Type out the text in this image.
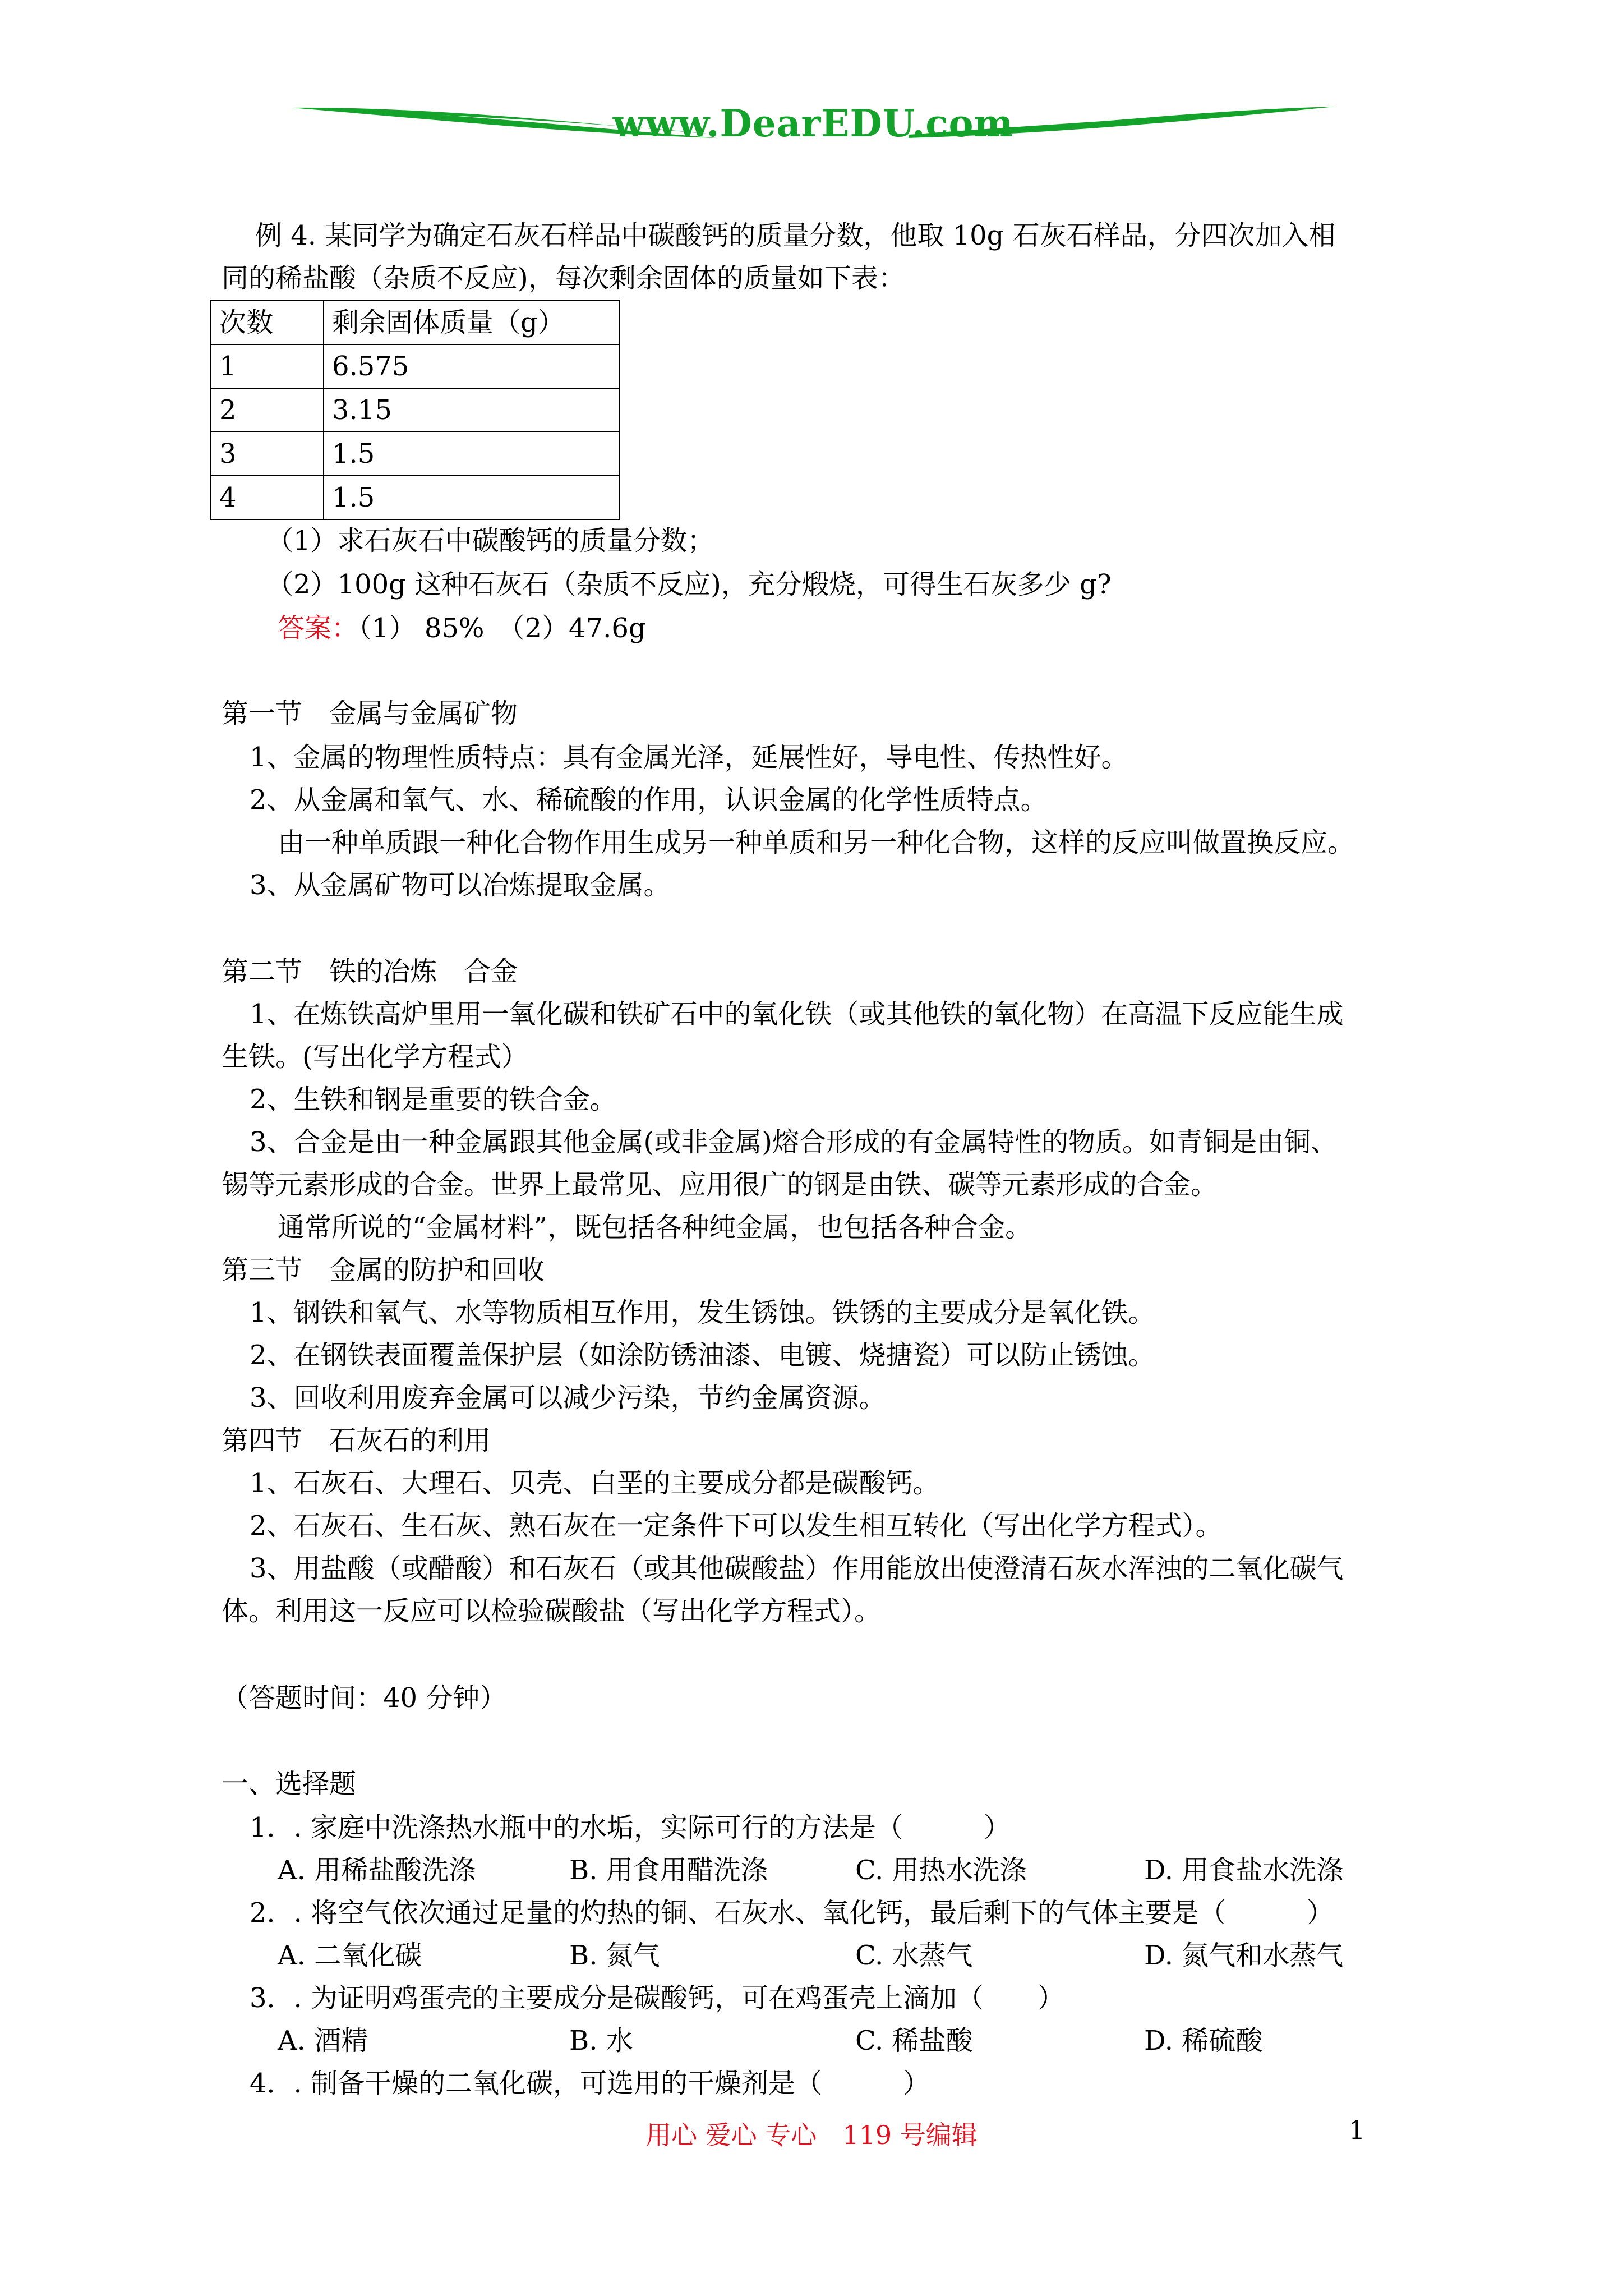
www.DearEDU.com
例 4. 某同学为确定石灰石样品中碳酸钙的质量分数，他取 10g 石灰石样品，分四次加入相
同的稀盐酸（杂质不反应)，每次剩余固体的质量如下表：
次数	剩余固体质量（g）
1	6.575
2	3.15
3	1.5
4	1.5
（1）求石灰石中碳酸钙的质量分数；
（2）100g 这种石灰石（杂质不反应)，充分煅烧，可得生石灰多少 g?
答案：（1） 85%　（2）47.6g
第一节　金属与金属矿物
1、金属的物理性质特点：具有金属光泽，延展性好，导电性、传热性好。
2、从金属和氧气、水、稀硫酸的作用，认识金属的化学性质特点。
由一种单质跟一种化合物作用生成另一种单质和另一种化合物，这样的反应叫做置换反应。
3、从金属矿物可以冶炼提取金属。
第二节　铁的冶炼　合金
1、在炼铁高炉里用一氧化碳和铁矿石中的氧化铁（或其他铁的氧化物）在高温下反应能生成
生铁。(写出化学方程式）
2、生铁和钢是重要的铁合金。
3、合金是由一种金属跟其他金属(或非金属)熔合形成的有金属特性的物质。如青铜是由铜、
锡等元素形成的合金。世界上最常见、应用很广的钢是由铁、碳等元素形成的合金。
通常所说的“金属材料”，既包括各种纯金属，也包括各种合金。
第三节　金属的防护和回收
1、钢铁和氧气、水等物质相互作用，发生锈蚀。铁锈的主要成分是氧化铁。
2、在钢铁表面覆盖保护层（如涂防锈油漆、电镀、烧搪瓷）可以防止锈蚀。
3、回收利用废弃金属可以减少污染，节约金属资源。
第四节　石灰石的利用
1、石灰石、大理石、贝壳、白垩的主要成分都是碳酸钙。
2、石灰石、生石灰、熟石灰在一定条件下可以发生相互转化（写出化学方程式）。
3、用盐酸（或醋酸）和石灰石（或其他碳酸盐）作用能放出使澄清石灰水浑浊的二氧化碳气
体。利用这一反应可以检验碳酸盐（写出化学方程式）。
（答题时间：40 分钟）
一、选择题
1．. 家庭中洗涤热水瓶中的水垢，实际可行的方法是（　　　）
A. 用稀盐酸洗涤	B. 用食用醋洗涤	C. 用热水洗涤	D. 用食盐水洗涤
2．. 将空气依次通过足量的灼热的铜、石灰水、氧化钙，最后剩下的气体主要是（　　　）
A. 二氧化碳	B. 氮气	C. 水蒸气	D. 氮气和水蒸气
3．. 为证明鸡蛋壳的主要成分是碳酸钙，可在鸡蛋壳上滴加（　　）
A. 酒精	B. 水	C. 稀盐酸	D. 稀硫酸
4．. 制备干燥的二氧化碳，可选用的干燥剂是（　　　）
用心 爱心 专心　119 号编辑	1
